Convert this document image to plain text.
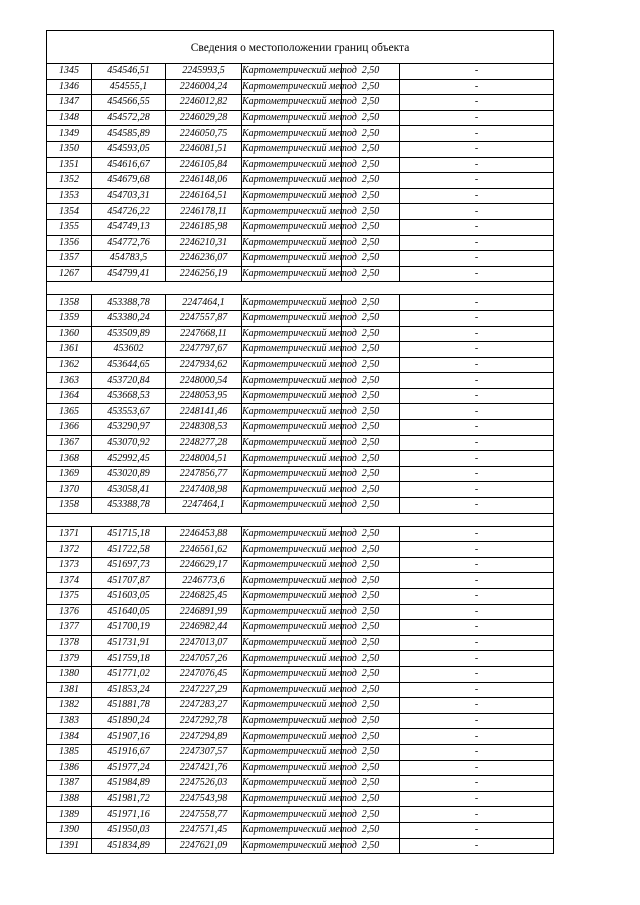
Сведения о местоположении границ объекта					
1345	454546,51	2245993,5	Картометрический метод	2,50	-
1346	454555,1	2246004,24	Картометрический метод	2,50	-
1347	454566,55	2246012,82	Картометрический метод	2,50	-
1348	454572,28	2246029,28	Картометрический метод	2,50	-
1349	454585,89	2246050,75	Картометрический метод	2,50	-
1350	454593,05	2246081,51	Картометрический метод	2,50	-
1351	454616,67	2246105,84	Картометрический метод	2,50	-
1352	454679,68	2246148,06	Картометрический метод	2,50	-
1353	454703,31	2246164,51	Картометрический метод	2,50	-
1354	454726,22	2246178,11	Картометрический метод	2,50	-
1355	454749,13	2246185,98	Картометрический метод	2,50	-
1356	454772,76	2246210,31	Картометрический метод	2,50	-
1357	454783,5	2246236,07	Картометрический метод	2,50	-
1267	454799,41	2246256,19	Картометрический метод	2,50	-

1358	453388,78	2247464,1	Картометрический метод	2,50	-
1359	453380,24	2247557,87	Картометрический метод	2,50	-
1360	453509,89	2247668,11	Картометрический метод	2,50	-
1361	453602	2247797,67	Картометрический метод	2,50	-
1362	453644,65	2247934,62	Картометрический метод	2,50	-
1363	453720,84	2248000,54	Картометрический метод	2,50	-
1364	453668,53	2248053,95	Картометрический метод	2,50	-
1365	453553,67	2248141,46	Картометрический метод	2,50	-
1366	453290,97	2248308,53	Картометрический метод	2,50	-
1367	453070,92	2248277,28	Картометрический метод	2,50	-
1368	452992,45	2248004,51	Картометрический метод	2,50	-
1369	453020,89	2247856,77	Картометрический метод	2,50	-
1370	453058,41	2247408,98	Картометрический метод	2,50	-
1358	453388,78	2247464,1	Картометрический метод	2,50	-

1371	451715,18	2246453,88	Картометрический метод	2,50	-
1372	451722,58	2246561,62	Картометрический метод	2,50	-
1373	451697,73	2246629,17	Картометрический метод	2,50	-
1374	451707,87	2246773,6	Картометрический метод	2,50	-
1375	451603,05	2246825,45	Картометрический метод	2,50	-
1376	451640,05	2246891,99	Картометрический метод	2,50	-
1377	451700,19	2246982,44	Картометрический метод	2,50	-
1378	451731,91	2247013,07	Картометрический метод	2,50	-
1379	451759,18	2247057,26	Картометрический метод	2,50	-
1380	451771,02	2247076,45	Картометрический метод	2,50	-
1381	451853,24	2247227,29	Картометрический метод	2,50	-
1382	451881,78	2247283,27	Картометрический метод	2,50	-
1383	451890,24	2247292,78	Картометрический метод	2,50	-
1384	451907,16	2247294,89	Картометрический метод	2,50	-
1385	451916,67	2247307,57	Картометрический метод	2,50	-
1386	451977,24	2247421,76	Картометрический метод	2,50	-
1387	451984,89	2247526,03	Картометрический метод	2,50	-
1388	451981,72	2247543,98	Картометрический метод	2,50	-
1389	451971,16	2247558,77	Картометрический метод	2,50	-
1390	451950,03	2247571,45	Картометрический метод	2,50	-
1391	451834,89	2247621,09	Картометрический метод	2,50	-
